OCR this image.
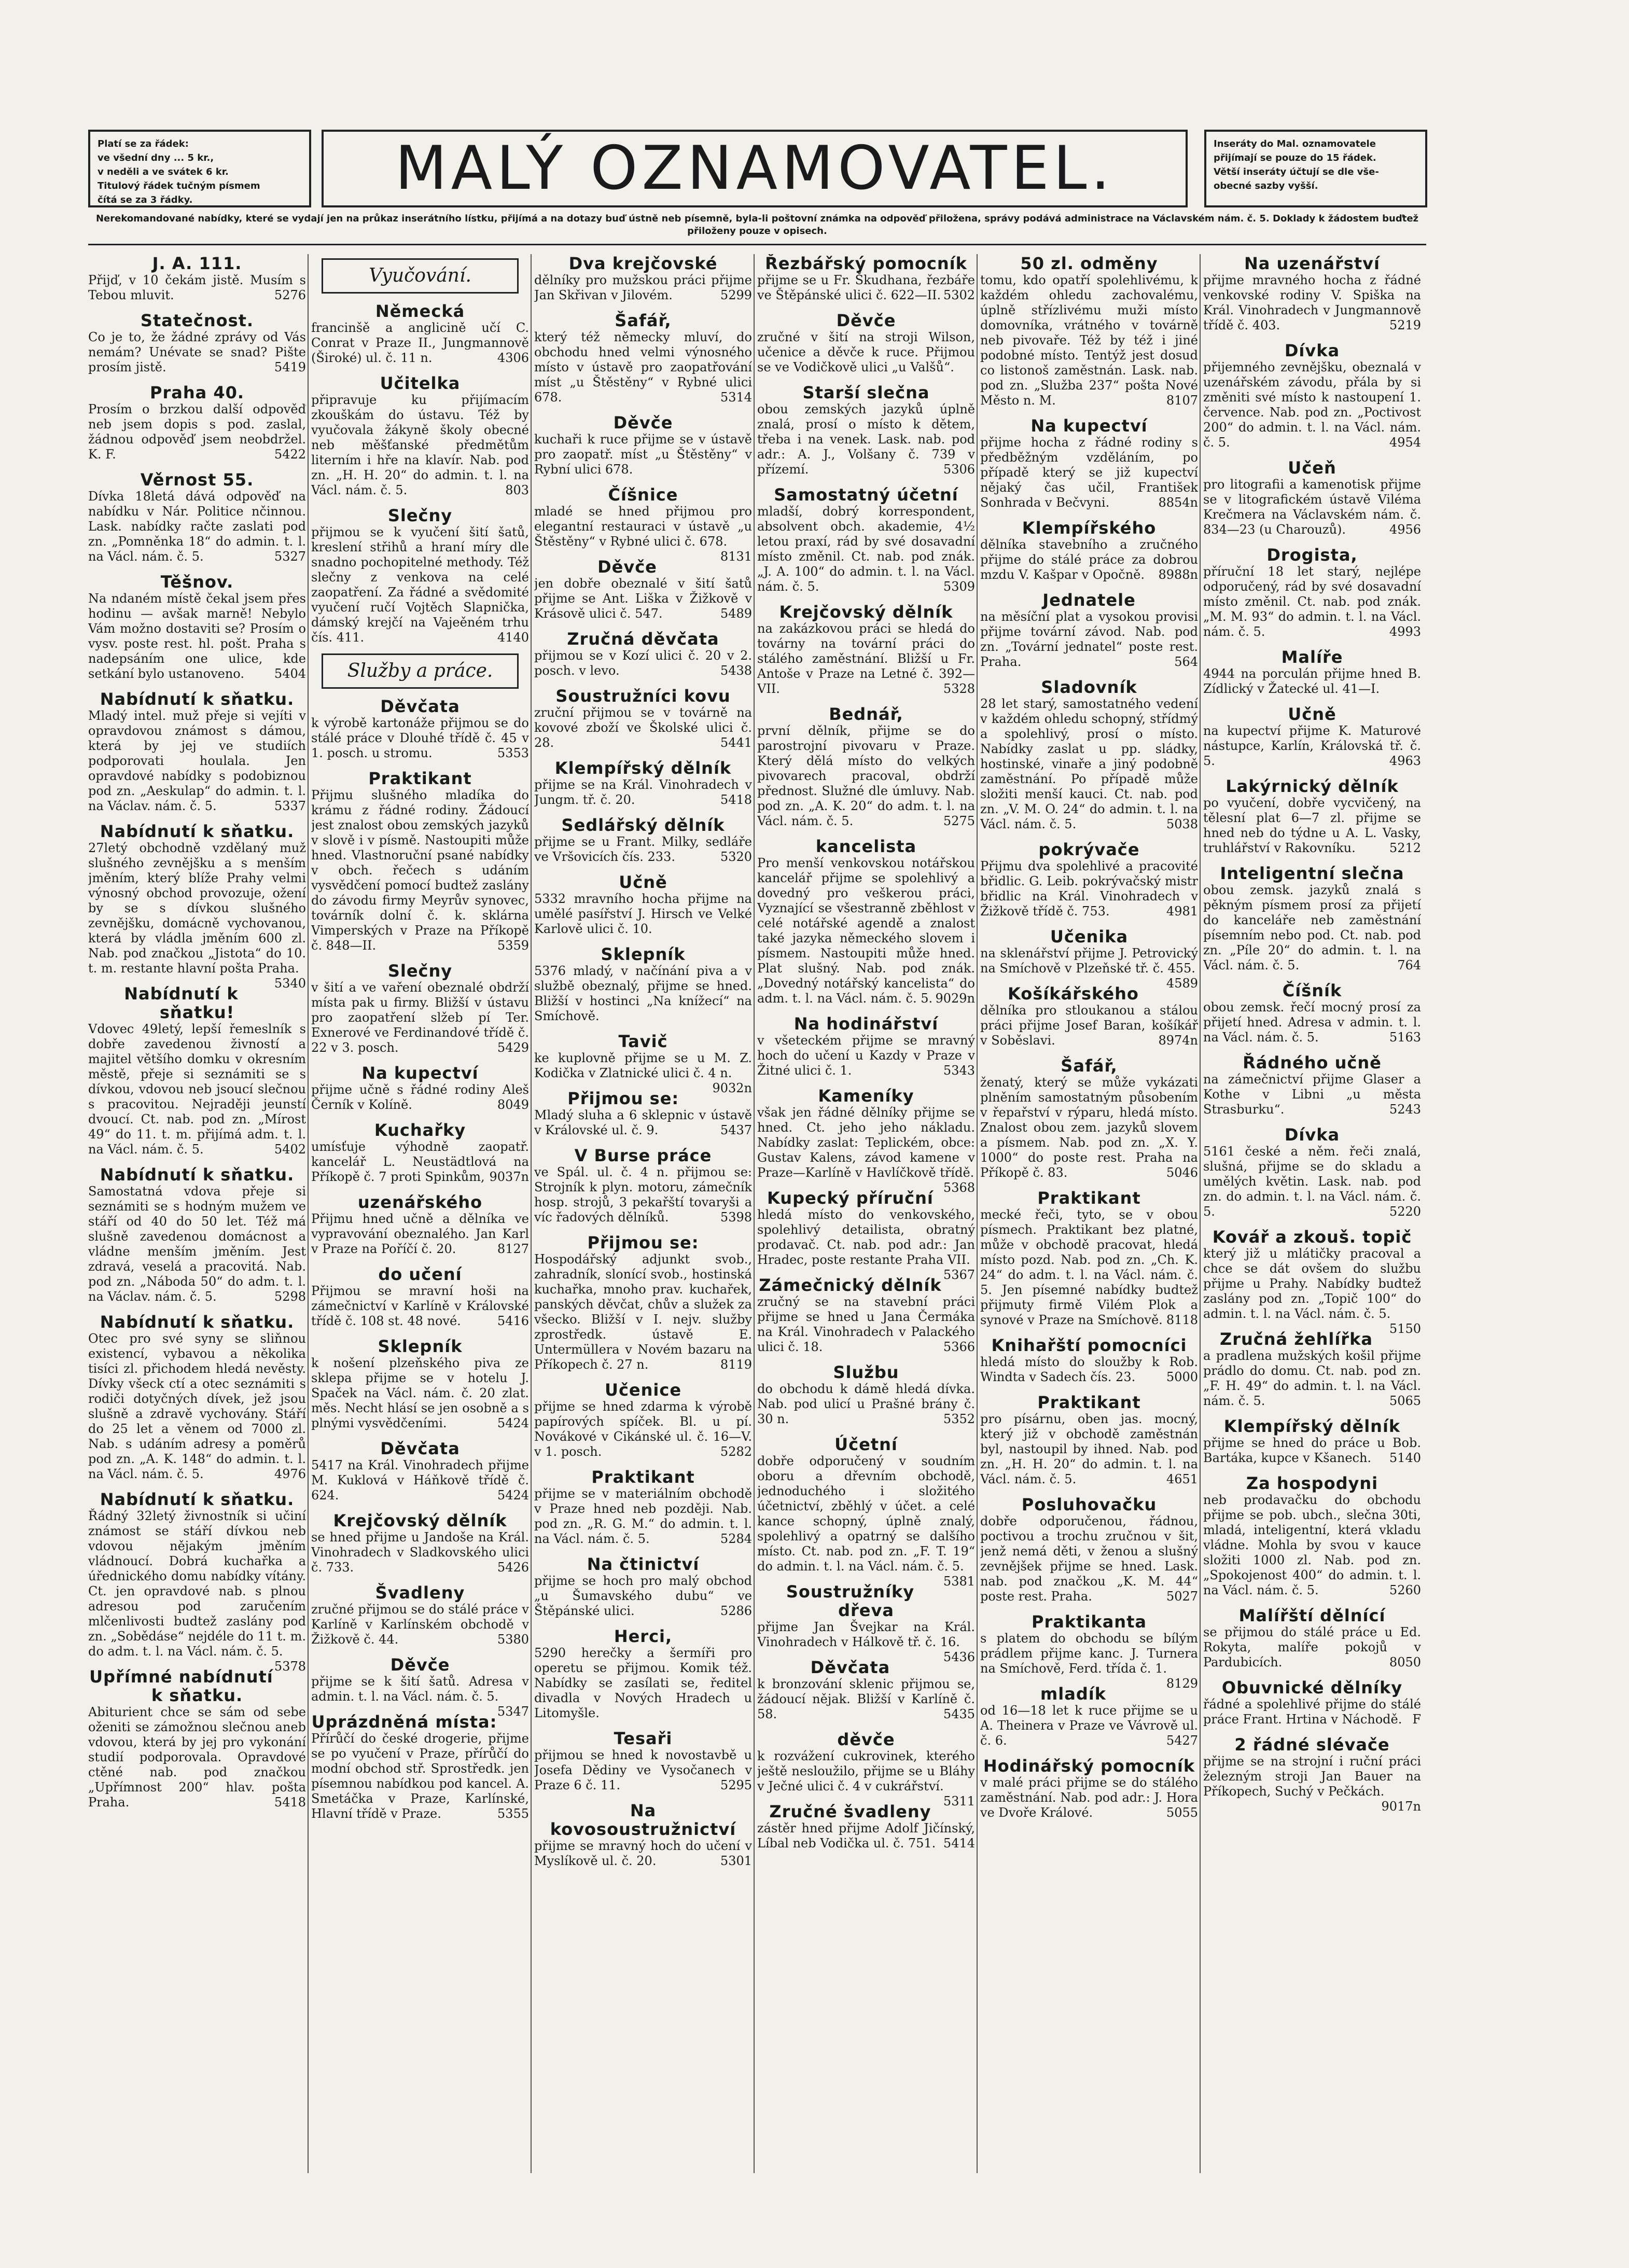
Platí se za řádek:
ve všední dny ... 5 kr.,
v neděli a ve svátek 6 kr.
Titulový řádek tučným písmem
čítá se za 3 řádky.	MALÝ OZNAMOVATEL.	Inseráty do Mal. oznamovatele
přijímají se pouze do 15 řádek.
Větší inseráty účtují se dle vše-
obecné sazby vyšší.

Nerekomandované nabídky, které se vydají jen na průkaz inserátního lístku, přijímá a na dotazy buď ústně neb písemně, byla-li poštovní známka na odpověď přiložena, správy podává administrace na Václavském nám. č. 5. Doklady k žádostem buďtež přiloženy pouze v opisech.
J. A. 111.
Přijď, v 10 čekám jistě. Musím s Tebou mluvit.	5276
Statečnost.
Co je to, že žádné zprávy od Vás nemám? Unévate se snad? Pište prosím jistě.	5419
Praha 40.
Prosím o brzkou další odpověď neb jsem dopis s pod. zaslal, žádnou odpověď jsem neobdržel. K. F.	5422
Věrnost 55.
Dívka 18letá dává odpověď na nabídku v Nár. Politice nčinnou. Lask. nabídky račte zaslati pod zn. „Pomněnka 18“ do admin. t. l. na Václ. nám. č. 5.	5327
Těšnov.
Na ndaném místě čekal jsem přes hodinu — avšak marně! Nebylo Vám možno dostaviti se? Prosím o vysv. poste rest. hl. pošt. Praha s nadepsáním one ulice, kde setkání bylo ustanoveno. 5404
Nabídnutí k sňatku.
Mladý intel. muž přeje si vejíti v opravdovou známost s dámou, která by jej ve studiích podporovati houlala. Jen opravdové nabídky s podobiznou pod zn. „Aeskulap“ do admin. t. l. na Václav. nám. č. 5.	5337
Nabídnutí k sňatku.
27letý obchodně vzdělaný muž slušného zevnějšku a s menším jměním, který blíže Prahy velmi výnosný obchod provozuje, ožení by se s dívkou slušného zevnějšku, domácně vychovanou, která by vládla jměním 600 zl. Nab. pod značkou „Jistota“ do 10. t. m. restante hlavní pošta Praha.
5340
Nabídnutí k sňatku!
Vdovec 49letý, lepší řemeslník s dobře zavedenou živností a majitel většího domku v okresním městě, přeje si seznámiti se s dívkou, vdovou neb jsoucí slečnou s pracovitou. Nejraději jeunstí dvoucí. Ct. nab. pod zn. „Mírost 49“ do 11. t. m. přijímá adm. t. l. na Václ. nám. č. 5.	5402
Nabídnutí k sňatku.
Samostatná vdova přeje si seznámiti se s hodným mužem ve stáří od 40 do 50 let. Též má slušně zavedenou domácnost a vládne menším jměním. Jest zdravá, veselá a pracovitá. Nab. pod zn. „Náboda 50“ do adm. t. l. na Václav. nám. č. 5.	5298
Nabídnutí k sňatku.
Otec pro své syny se sliňnou existencí, vybavou a několika tisíci zl. přichodem hledá nevěsty. Dívky všeck ctí a otec seznámiti s rodiči dotyčných dívek, jež jsou slušně a zdravě vychovány. Stáří do 25 let a věnem od 7000 zl. Nab. s udáním adresy a poměrů pod zn. „A. K. 148“ do admin. t. l. na Václ. nám. č. 5.	4976
Nabídnutí k sňatku.
Řádný 32letý živnostník si učiní známost se stáří dívkou neb vdovou nějakým jměním vládnoucí. Dobrá kuchařka a úřednického domu nabídky vítány. Ct. jen opravdové nab. s plnou adresou pod zaručením mlčenlivosti budtež zaslány pod zn. „Sobědáse“ nejdéle do 11 t. m. do adm. t. l. na Václ. nám. č. 5.
5378
Upřímné nabídnutí k sňatku.
Abiturient chce se sám od sebe oženiti se zámožnou slečnou aneb vdovou, která by jej pro vykonání studií podporovala. Opravdové ctěné nab. pod značkou „Upřímnost 200“ hlav. pošta Praha.	5418
Vyučování.
Německá
francinšě a anglicině učí C. Conrat v Praze II., Jungmannově (Široké) ul. č. 11 n.	4306
Učitelka
připravuje ku přijímacím zkouškám do ústavu. Též by vyučovala žákyně školy obecné neb měšťanské předmětům literním i hře na klavír. Nab. pod zn. „H. H. 20“ do admin. t. l. na Václ. nám. č. 5.	803
Slečny
přijmou se k vyučení šití šatů, kreslení střihů a hraní míry dle snadno pochopitelné methody. Též slečny z venkova na celé zaopatření. Za řádné a svědomité vyučení ručí Vojtěch Slapnička, dámský krejčí na Vajeěném trhu čís. 411.	4140
Služby a práce.
Děvčata
k výrobě kartonáže přijmou se do stálé práce v Dlouhé třídě č. 45 v 1. posch. u stromu.	5353
Praktikant
Přijmu slušného mladíka do krámu z řádné rodiny. Žádoucí jest znalost obou zemských jazyků v slově i v písmě. Nastoupiti může hned. Vlastnoruční psané nabídky v obch. řečech s udáním vysvědčení pomocí budtež zaslány do závodu firmy Meyrův synovec, továrník dolní č. k. sklárna Vimperských v Praze na Příkopě č. 848—II.	5359
Slečny
v šití a ve vaření obeznalé obdrží místa pak u firmy. Bližší v ústavu pro zaopatření slžeb pí Ter. Exnerové ve Ferdinandové třídě č. 22 v 3. posch.	5429
Na kupectví
přijme učně s řádné rodiny Aleš Černík v Kolíně.	8049
Kuchařky
umísťuje výhodně zaopatř. kancelář L. Neustädtlová na Příkopě č. 7 proti Spinkům, 9037n
uzenářského
Přijmu hned učně a dělníka ve vypravování obeznalého. Jan Karl v Praze na Poříčí č. 20.	8127
do učení
Přijmou se mravní hoši na zámečnictví v Karlíně v Královské třídě č. 108 st. 48 nové.	5416
Sklepník
k nošení plzeňského piva ze sklepa přijme se v hotelu J. Spaček na Václ. nám. č. 20 zlat. měs. Necht hlásí se jen osobně a s plnými vysvědčeními.	5424
Děvčata
5417 na Král. Vinohradech přijme M. Kuklová v Háňkově třídě č. 624.	5424
Krejčovský dělník
se hned přijme u Jandoše na Král. Vinohradech v Sladkovského ulici č. 733.	5426
Švadleny
zručné přijmou se do stálé práce v Karlíně v Karlínském obchodě v Žižkově č. 44.	5380
Děvče
přijme se k šití šatů. Adresa v admin. t. l. na Václ. nám. č. 5.
5347
Uprázdněná místa:
Přírůčí do české drogerie, přijme se po vyučení v Praze, přírůčí do modní obchod stř. Sprostředk. jen písemnou nabídkou pod kancel. A. Smetáčka v Praze, Karlínské, Hlavní třídě v Praze.	5355
Dva krejčovské
dělníky pro mužskou práci přijme Jan Skřivan v Jilovém.	5299
Šafář,
který též německy mluví, do obchodu hned velmi výnosného místo v ústavě pro zaopatřování míst „u Štěstěny“ v Rybné ulici 678.	5314
Děvče
kuchaři k ruce přijme se v ústavě pro zaopatř. míst „u Štěstěny“ v Rybní ulici 678.
Číšnice
mladé se hned přijmou pro elegantní restauraci v ústavě „u Štěstěny“ v Rybné ulici č. 678.
8131
Děvče
jen dobře obeznalé v šití šatů přijme se Ant. Liška v Žižkově v Krásově ulici č. 547.	5489
Zručná děvčata
přijmou se v Kozí ulici č. 20 v 2. posch. v levo.	5438
Soustružníci kovu
zruční přijmou se v továrně na kovové zboží ve Školské ulici č. 28.	5441
Klempířský dělník
přijme se na Král. Vinohradech v Jungm. tř. č. 20.	5418
Sedlářský dělník
přijme se u Frant. Milky, sedláře ve Vršovicích čís. 233.	5320
Učně
5332 mravního hocha přijme na umělé pasířství J. Hirsch ve Velké Karlově ulici č. 10.
Sklepník
5376 mladý, v načínání piva a v službě obeznalý, přijme se hned. Bližší v hostinci „Na knížecí“ na Smíchově.
Tavič
ke kuplovně přijme se u M. Z. Kodička v Zlatnické ulici č. 4 n.
9032n
Přijmou se:
Mladý sluha a 6 sklepnic v ústavě v Královské ul. č. 9.	5437
V Burse práce
ve Spál. ul. č. 4 n. přijmou se: Strojník k plyn. motoru, zámečník hosp. strojů, 3 pekařští tovaryši a víc řadových dělníků.	5398
Přijmou se:
Hospodářský adjunkt svob., zahradník, slonící svob., hostinská kuchařka, mnoho prav. kuchařek, panských děvčat, chův a služek za všecko. Bližší v I. nejv. služby zprostředk. ústavě E. Untermüllera v Novém bazaru na Příkopech č. 27 n.	8119
Učenice
přijme se hned zdarma k výrobě papírových spíček. Bl. u pí. Novákové v Cikánské ul. č. 16—V. v 1. posch.	5282
Praktikant
přijme se v materiálním obchodě v Praze hned neb později. Nab. pod zn. „R. G. M.“ do admin. t. l. na Václ. nám. č. 5.	5284
Na čtinictví
přijme se hoch pro malý obchod „u Šumavského dubu“ ve Štěpánské ulici.	5286
Herci,
5290 herečky a šermíři pro operetu se přijmou. Komik též. Nabídky se zasílati se, ředitel divadla v Nových Hradech u Litomyšle.
Tesaři
přijmou se hned k novostavbě u Josefa Dědiny ve Vysočanech v Praze 6 č. 11.	5295
Na kovosoustružnictví
přijme se mravný hoch do učení v Myslíkově ul. č. 20.	5301
Řezbářský pomocník
přijme se u Fr. Škudhana, řezbáře ve Štěpánské ulici č. 622—II. 5302
Děvče
zručné v šití na stroji Wilson, učenice a děvče k ruce. Přijmou se ve Vodičkově ulici „u Valšů“.
Starší slečna
obou zemských jazyků úplně znalá, prosí o místo k dětem, třeba i na venek. Lask. nab. pod adr.: A. J., Volšany č. 739 v přízemí.	5306
Samostatný účetní
mladší, dobrý korrespondent, absolvent obch. akademie, 4½ letou praxí, rád by své dosavadní místo změnil. Ct. nab. pod znák. „J. A. 100“ do admin. t. l. na Václ. nám. č. 5.	5309
Krejčovský dělník
na zakázkovou práci se hledá do továrny na tovární práci do stálého zaměstnání. Bližší u Fr. Antoše v Praze na Letné č. 392—VII.	5328
Bednář,
první dělník, přijme se do parostrojní pivovaru v Praze. Který dělá místo do velkých pivovarech pracoval, obdrží přednost. Služné dle úmluvy. Nab. pod zn. „A. K. 20“ do adm. t. l. na Václ. nám. č. 5.	5275
kancelista
Pro menší venkovskou notářskou kancelář přijme se spolehlivý a dovedný pro veškerou práci, Vyznající se všestranně zběhlost v celé notářské agendě a znalost také jazyka německého slovem i písmem. Nastoupiti může hned. Plat slušný. Nab. pod znák. „Dovedný notářský kancelista“ do adm. t. l. na Václ. nám. č. 5. 9029n
Na hodinářství
v všeteckém přijme se mravný hoch do učení u Kazdy v Praze v Žitné ulici č. 1.	5343
Kameníky
však jen řádné dělníky přijme se hned. Ct. jeho jeho nákladu. Nabídky zaslat: Teplickém, obce: Gustav Kalens, závod kamene v Praze—Karlíně v Havlíčkově třídě.
5368
Kupecký příruční
hledá místo do venkovského, spolehlivý detailista, obratný prodavač. Ct. nab. pod adr.: Jan Hradec, poste restante Praha VII.
5367
Zámečnický dělník
zručný se na stavební práci přijme se hned u Jana Čermáka na Král. Vinohradech v Palackého ulici č. 18.	5366
Službu
do obchodu k dámě hledá dívka. Nab. pod ulicí u Prašné brány č. 30 n.	5352
Účetní
dobře odporučený v soudním oboru a dřevním obchodě, jednoduchého i složitého účetnictví, zběhlý v účet. a celé kance schopný, úplně znalý, spolehlivý a opatrný se dalšího místo. Ct. nab. pod zn. „F. T. 19“ do admin. t. l. na Václ. nám. č. 5.
5381
Soustružníky dřeva
přijme Jan Švejkar na Král. Vinohradech v Hálkově tř. č. 16.
5436
Děvčata
k bronzování sklenic přijmou se, žádoucí nějak. Bližší v Karlíně č. 58.	5435
děvče
k rozvážení cukrovinek, kterého ještě nesloužilo, přijme se u Bláhy v Ječné ulici č. 4 v cukrářství.
5311
Zručné švadleny
zástěr hned přijme Adolf Jičínský, Líbal neb Vodička ul. č. 751. 5414
50 zl. odměny
tomu, kdo opatří spolehlivému, k každém ohledu zachovalému, úplně střízlivému muži místo domovníka, vrátného v továrně neb pivovaře. Též by též i jiné podobné místo. Tentýž jest dosud co listonoš zaměstnán. Lask. nab. pod zn. „Služba 237“ pošta Nové Město n. M.	8107
Na kupectví
přijme hocha z řádné rodiny s předběžným vzděláním, po případě který se již kupectví nějaký čas učil, František Sonhrada v Bečvyni.	8854n
Klempířského
dělníka stavebního a zručného přijme do stálé práce za dobrou mzdu V. Kašpar v Opočně. 8988n
Jednatele
na měsíční plat a vysokou provisi přijme tovární závod. Nab. pod zn. „Tovární jednatel“ poste rest. Praha.	564
Sladovník
28 let starý, samostatného vedení v každém ohledu schopný, střídmý a spolehlivý, prosí o místo. Nabídky zaslat u pp. sládky, hostinské, vinaře a jiný podobně zaměstnání. Po případě může složiti menší kauci. Ct. nab. pod zn. „V. M. O. 24“ do admin. t. l. na Václ. nám. č. 5.	5038
pokrývače
Přijmu dva spolehlivé a pracovité břidlic. G. Leib. pokrývačský mistr břidlic na Král. Vinohradech v Žižkově třídě č. 753.	4981
Učenika
na sklenářství přijme J. Petrovický na Smíchově v Plzeňské tř. č. 455.
4589
Košíkářského
dělníka pro stloukanou a stálou práci přijme Josef Baran, košíkář v Soběslavi.	8974n
Šafář,
ženatý, který se může vykázati plněním samostatným působením v řepařství v rýparu, hledá místo. Znalost obou zem. jazyků slovem a písmem. Nab. pod zn. „X. Y. 1000“ do poste rest. Praha na Příkopě č. 83.	5046
Praktikant
mecké řeči, tyto, se v obou písmech. Praktikant bez platné, může v obchodě pracovat, hledá místo pozd. Nab. pod zn. „Ch. K. 24“ do adm. t. l. na Václ. nám. č. 5. Jen písemné nabídky budtež přijmuty firmě Vilém Plok a synové v Praze na Smíchově. 8118
Knihařští pomocníci
hledá místo do sloužby k Rob. Windta v Sadech čís. 23. 5000
Praktikant
pro písárnu, oben jas. mocný, který již v obchodě zaměstnán byl, nastoupil by ihned. Nab. pod zn. „H. H. 20“ do admin. t. l. na Václ. nám. č. 5.	4651
Posluhovačku
dobře odporučenou, řádnou, poctivou a trochu zručnou v šit, jenž nemá děti, v ženou a slušný zevnějšek přijme se hned. Lask. nab. pod značkou „K. M. 44“ poste rest. Praha.	5027
Praktikanta
s platem do obchodu se bílým prádlem přijme kanc. J. Turnera na Smíchově, Ferd. třída č. 1.
8129
mladík
od 16—18 let k ruce přijme se u A. Theinera v Praze ve Vávrově ul. č. 6.	5427
Hodinářský pomocník
v malé práci přijme se do stálého zaměstnání. Nab. pod adr.: J. Hora ve Dvoře Králové.	5055
Na uzenářství
přijme mravného hocha z řádné venkovské rodiny V. Spiška na Král. Vinohradech v Jungmannově třídě č. 403.	5219
Dívka
přijemného zevnějšku, obeznalá v uzenářském závodu, přála by si změniti své místo k nastoupení 1. července. Nab. pod zn. „Poctivost 200“ do admin. t. l. na Václ. nám. č. 5.	4954
Učeň
pro litografii a kamenotisk přijme se v litografickém ústavě Viléma Krečmera na Václavském nám. č. 834—23 (u Charouzů).	4956
Drogista,
příruční 18 let starý, nejlépe odporučený, rád by své dosavadní místo změnil. Ct. nab. pod znák. „M. M. 93“ do admin. t. l. na Václ. nám. č. 5.	4993
Malíře
4944 na porculán přijme hned B. Zídlický v Žatecké ul. 41—I.
Učně
na kupectví přijme K. Maturové nástupce, Karlín, Královská tř. č. 5.	4963
Lakýrnický dělník
po vyučení, dobře vycvičený, na tělesní plat 6—7 zl. přijme se hned neb do týdne u A. L. Vasky, truhlářství v Rakovníku.	5212
Inteligentní slečna
obou zemsk. jazyků znalá s pěkným písmem prosí za přijetí do kanceláře neb zaměstnání písemním nebo pod. Ct. nab. pod zn. „Píle 20“ do admin. t. l. na Václ. nám. č. 5.	764
Číšník
obou zemsk. řečí mocný prosí za přijetí hned. Adresa v admin. t. l. na Václ. nám. č. 5.	5163
Řádného učně
na zámečnictví přijme Glaser a Kothe v Libni „u města Strasburku“.	5243
Dívka
5161 české a něm. řeči znalá, slušná, přijme se do skladu a umělých květin. Lask. nab. pod zn. do admin. t. l. na Václ. nám. č. 5.	5220
Kovář a zkouš. topič
který již u mlátičky pracoval a chce se dát ovšem do službu přijme u Prahy. Nabídky budtež zaslány pod zn. „Topič 100“ do admin. t. l. na Václ. nám. č. 5.
5150
Zručná žehlířka
a pradlena mužských košil přijme prádlo do domu. Ct. nab. pod zn. „F. H. 49“ do admin. t. l. na Václ. nám. č. 5.	5065
Klempířský dělník
přijme se hned do práce u Bob. Bartáka, kupce v Kšanech. 5140
Za hospodyni
neb prodavačku do obchodu přijme se pob. ubch., slečna 30ti, mladá, inteligentní, která vkladu vládne. Mohla by svou v kauce složiti 1000 zl. Nab. pod zn. „Spokojenost 400“ do admin. t. l. na Václ. nám. č. 5.	5260
Malířští dělnící
se přijmou do stálé práce u Ed. Rokyta, malíře pokojů v Pardubicích.	8050
Obuvnické dělníky
řádné a spolehlivé přijme do stálé práce Frant. Hrtina v Náchodě. F
2 řádné slévače
přijme se na strojní i ruční práci železným stroji Jan Bauer na Příkopech, Suchý v Pečkách.
9017n
